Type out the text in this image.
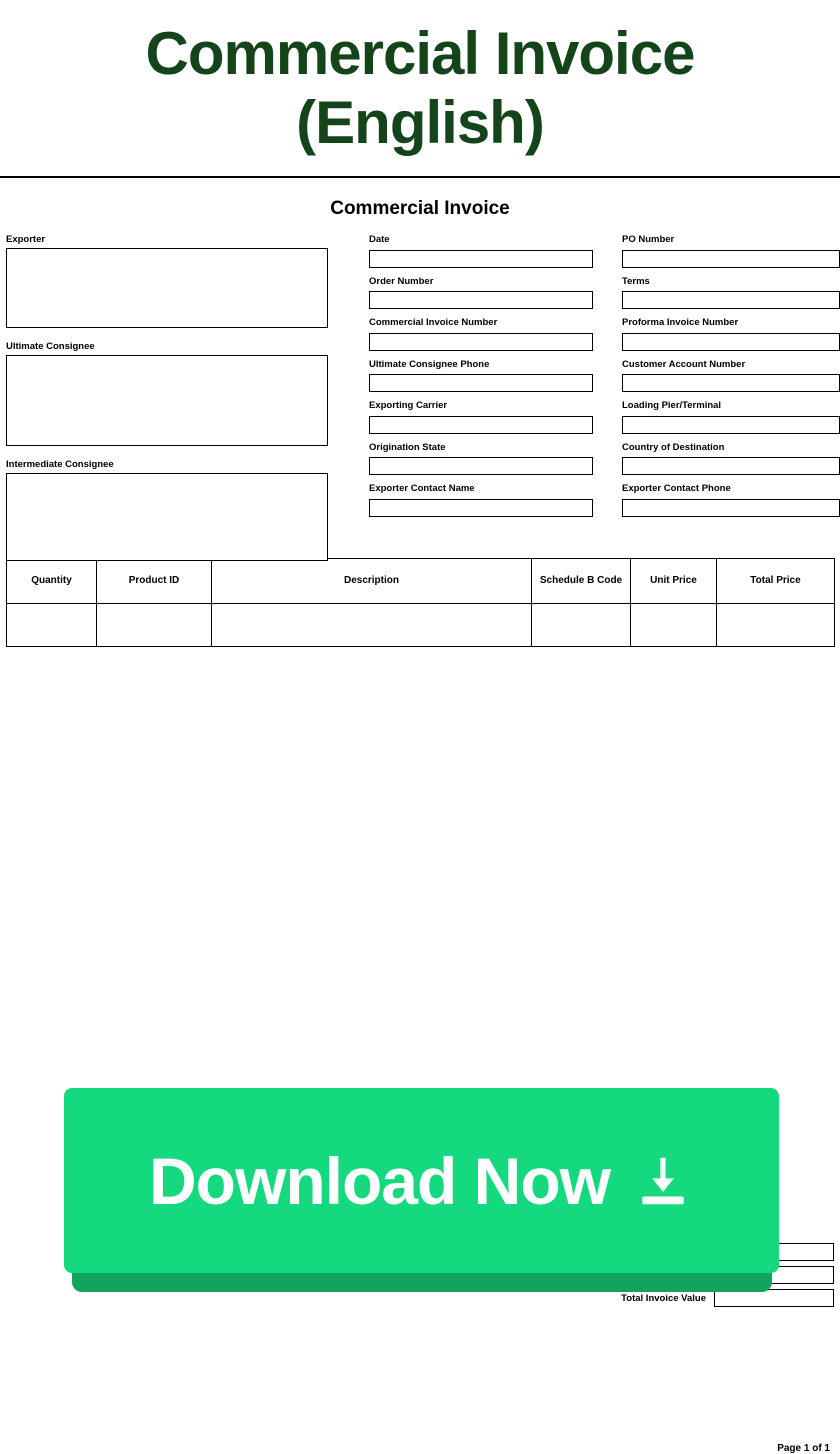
Commercial Invoice
(English)
Commercial Invoice
Exporter
Ultimate Consignee
Intermediate Consignee
Date
Order Number
Commercial Invoice Number
Ultimate Consignee Phone
Exporting Carrier
Origination State
Exporter Contact Name
PO Number
Terms
Proforma Invoice Number
Customer Account Number
Loading Pier/Terminal
Country of Destination
Exporter Contact Phone
Quantity	Product ID	Description	Schedule B Code	Unit Price	Total Price

Total Invoice Value
Page 1 of 1
Download Now
